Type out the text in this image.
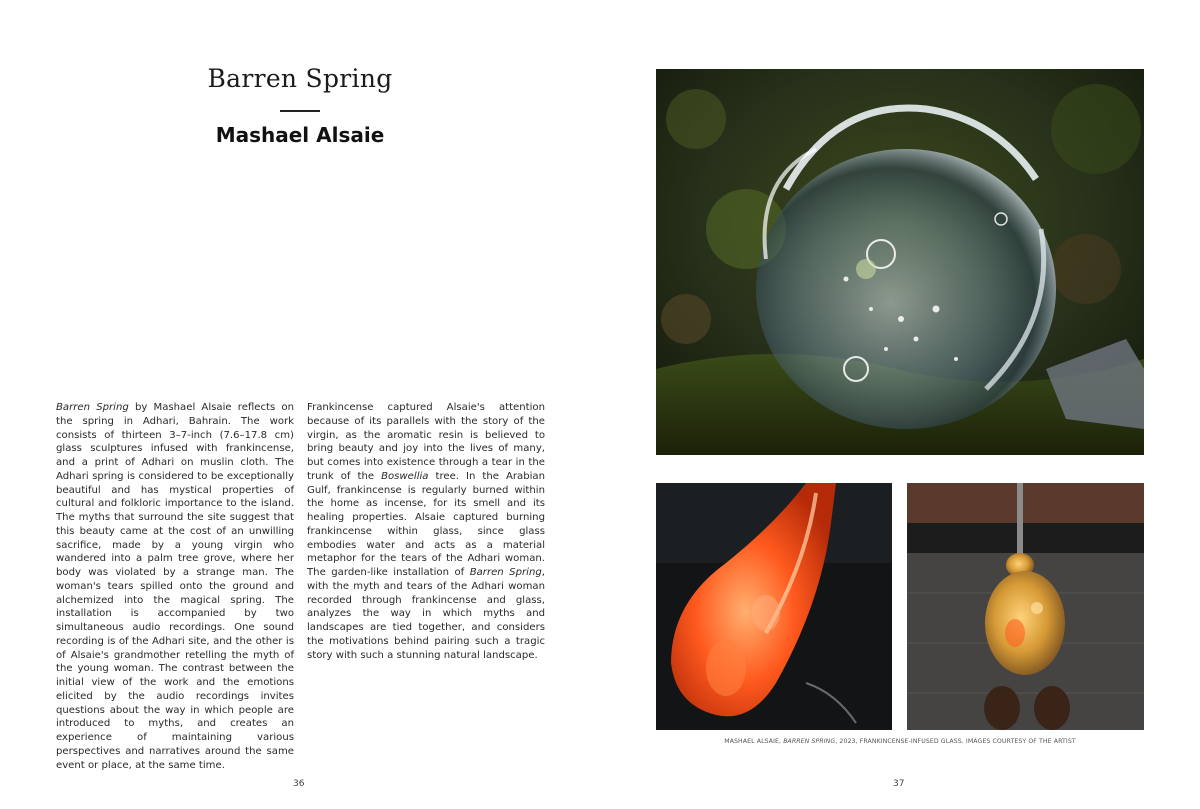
Barren Spring
Mashael Alsaie

Barren Spring by Mashael Alsaie reflects on the spring in Adhari, Bahrain. The work consists of thirteen 3–7-inch (7.6–17.8 cm) glass sculptures infused with frankincense, and a print of Adhari on muslin cloth. The Adhari spring is considered to be exceptionally beautiful and has mystical properties of cultural and folkloric importance to the island. The myths that surround the site suggest that this beauty came at the cost of an unwilling sacrifice, made by a young virgin who wandered into a palm tree grove, where her body was violated by a strange man. The woman's tears spilled onto the ground and alchemized into the magical spring. The installation is accompanied by two simultaneous audio recordings. One sound recording is of the Adhari site, and the other is of Alsaie's grandmother retelling the myth of the young woman. The contrast between the initial view of the work and the emotions elicited by the audio recordings invites questions about the way in which people are introduced to myths, and creates an experience of maintaining various perspectives and narratives around the same event or place, at the same time.

Frankincense captured Alsaie's attention because of its parallels with the story of the virgin, as the aromatic resin is believed to bring beauty and joy into the lives of many, but comes into existence through a tear in the trunk of the Boswellia tree. In the Arabian Gulf, frankincense is regularly burned within the home as incense, for its smell and its healing properties. Alsaie captured burning frankincense within glass, since glass embodies water and acts as a material metaphor for the tears of the Adhari woman. The garden-like installation of Barren Spring, with the myth and tears of the Adhari woman recorded through frankincense and glass, analyzes the way in which myths and landscapes are tied together, and considers the motivations behind pairing such a tragic story with such a stunning natural landscape.

36
MASHAEL ALSAIE, BARREN SPRING, 2023, FRANKINCENSE-INFUSED GLASS. IMAGES COURTESY OF THE ARTIST
37
